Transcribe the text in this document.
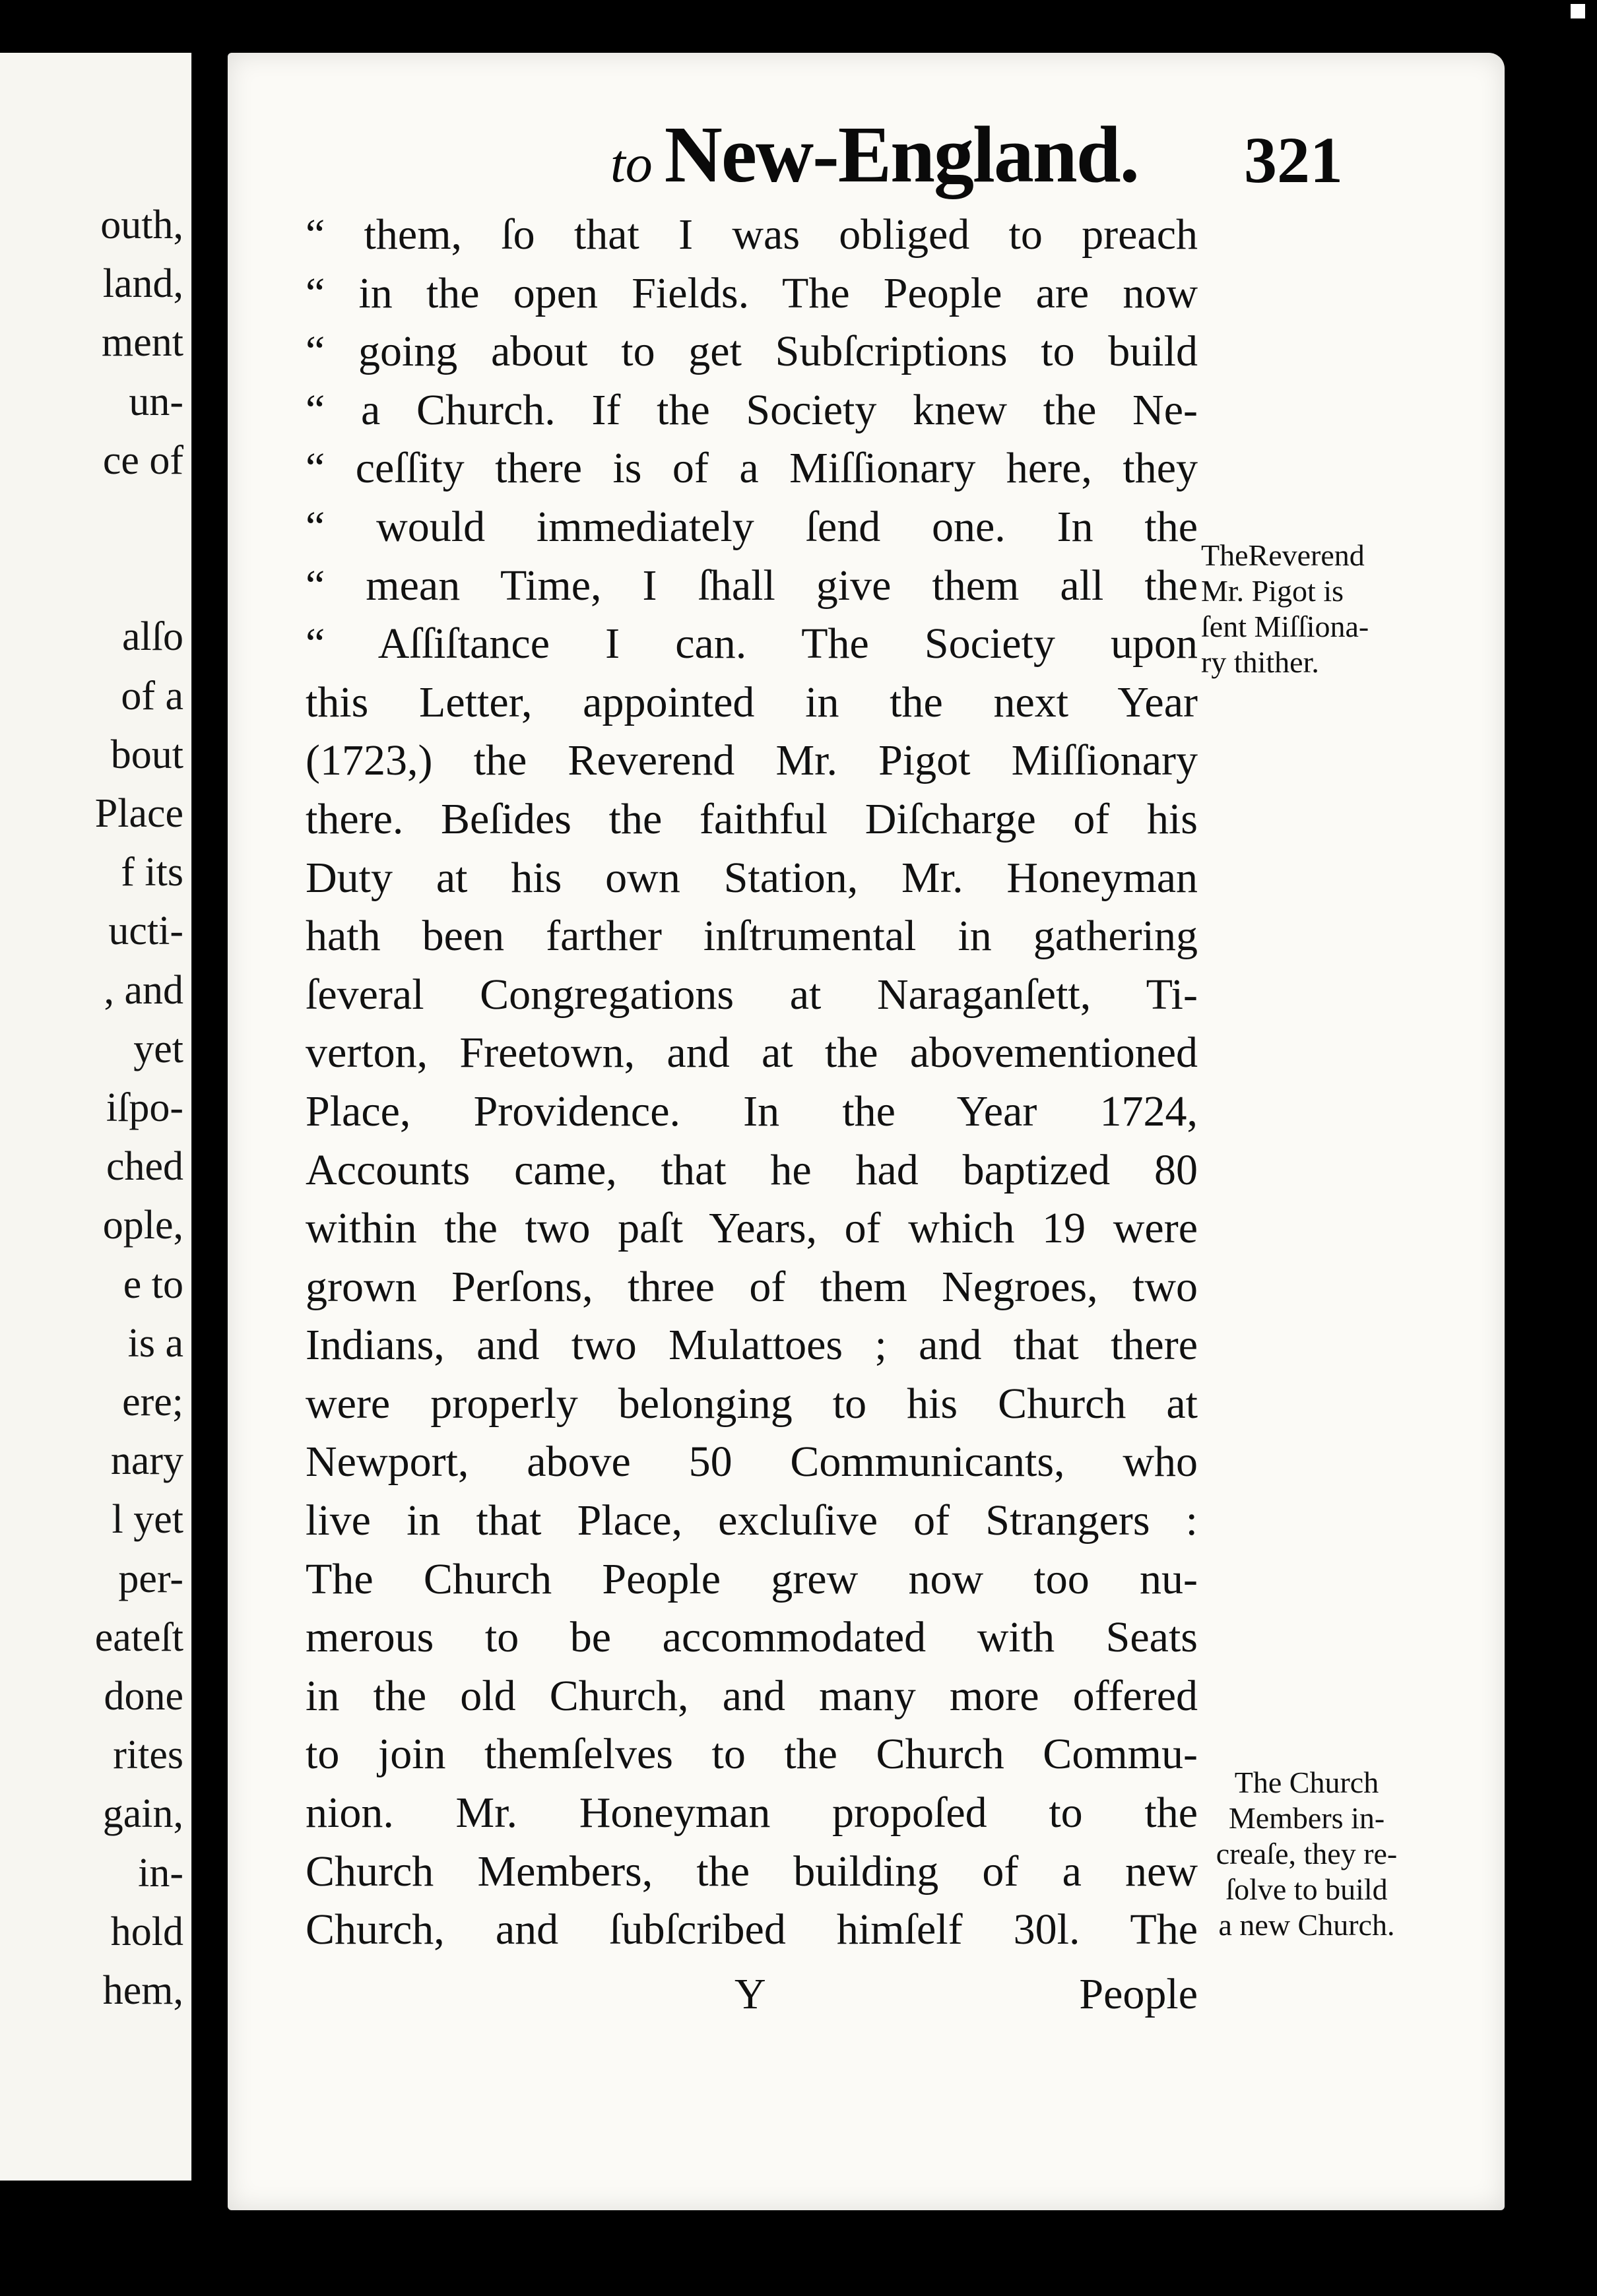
outh,
land,
ment
un-
ce of
alſo
of a
bout
Place
f its
ucti-
, and
yet
iſpo-
ched
ople,
e to
is a
ere;
nary
l yet
per-
eateſt
done
rites
gain,
in-
hold
hem,
to New-England.	321
“ them, ſo that I was obliged to preach
“ in the open Fields. The People are now
“ going about to get Subſcriptions to build
“ a Church. If the Society knew the Ne-
“ ceſſity there is of a Miſſionary here, they
“ would immediately ſend one. In the
“ mean Time, I ſhall give them all the
“ Aſſiſtance I can. The Society upon
this Letter, appointed in the next Year
(1723,) the Reverend Mr. Pigot Miſſionary
there. Beſides the faithful Diſcharge of his
Duty at his own Station, Mr. Honeyman
hath been farther inſtrumental in gathering
ſeveral Congregations at Naraganſett, Ti-
verton, Freetown, and at the abovementioned
Place, Providence. In the Year 1724,
Accounts came, that he had baptized 80
within the two paſt Years, of which 19 were
grown Perſons, three of them Negroes, two
Indians, and two Mulattoes ; and that there
were properly belonging to his Church at
Newport, above 50 Communicants, who
live in that Place, excluſive of Strangers :
The Church People grew now too nu-
merous to be accommodated with Seats
in the old Church, and many more offered
to join themſelves to the Church Commu-
nion. Mr. Honeyman propoſed to the
Church Members, the building of a new
Church, and ſubſcribed himſelf 30l. The
TheReverend
Mr. Pigot is
ſent Miſſiona-
ry thither.
The Church
Members in-
creaſe, they re-
ſolve to build
a new Church.
Y	People
